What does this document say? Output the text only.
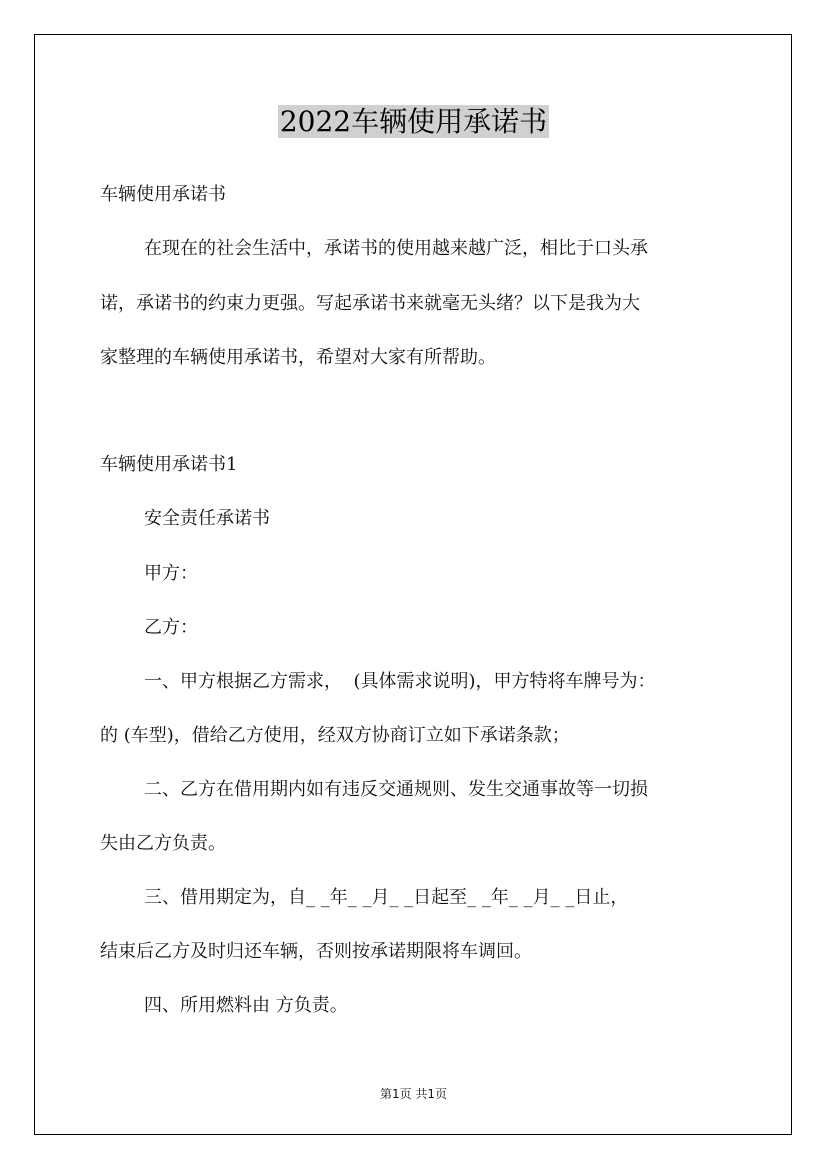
2022车辆使用承诺书
车辆使用承诺书
在现在的社会生活中，承诺书的使用越来越广泛，相比于口头承
诺，承诺书的约束力更强。写起承诺书来就毫无头绪？以下是我为大
家整理的车辆使用承诺书，希望对大家有所帮助。
车辆使用承诺书1
安全责任承诺书
甲方：
乙方：
一、甲方根据乙方需求，  (具体需求说明)，甲方特将车牌号为：
的 (车型)，借给乙方使用，经双方协商订立如下承诺条款；
二、乙方在借用期内如有违反交通规则、发生交通事故等一切损
失由乙方负责。
三、借用期定为，自_ _年_ _月_ _日起至_ _年_ _月_ _日止，
结束后乙方及时归还车辆，否则按承诺期限将车调回。
四、所用燃料由 方负责。
第1页 共1页
